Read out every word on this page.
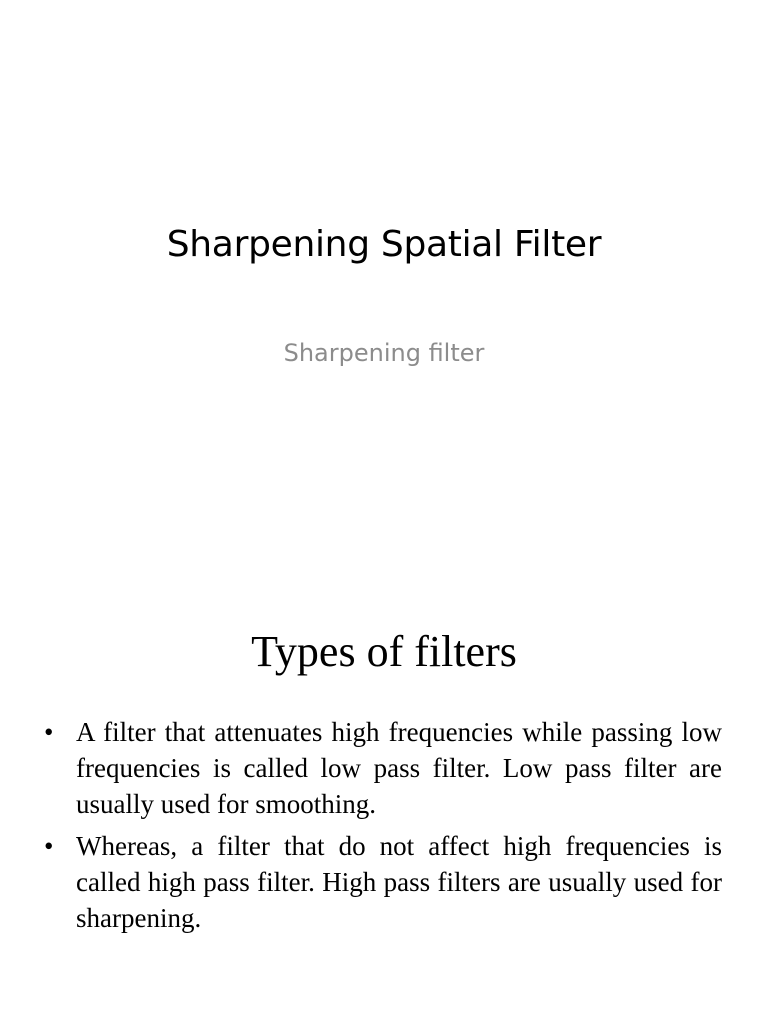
Sharpening Spatial Filter
Sharpening filter
Types of filters
• A filter that attenuates high frequencies while passing low frequencies is called low pass filter. Low pass filter are usually used for smoothing.
• Whereas, a filter that do not affect high frequencies is called high pass filter. High pass filters are usually used for sharpening.
